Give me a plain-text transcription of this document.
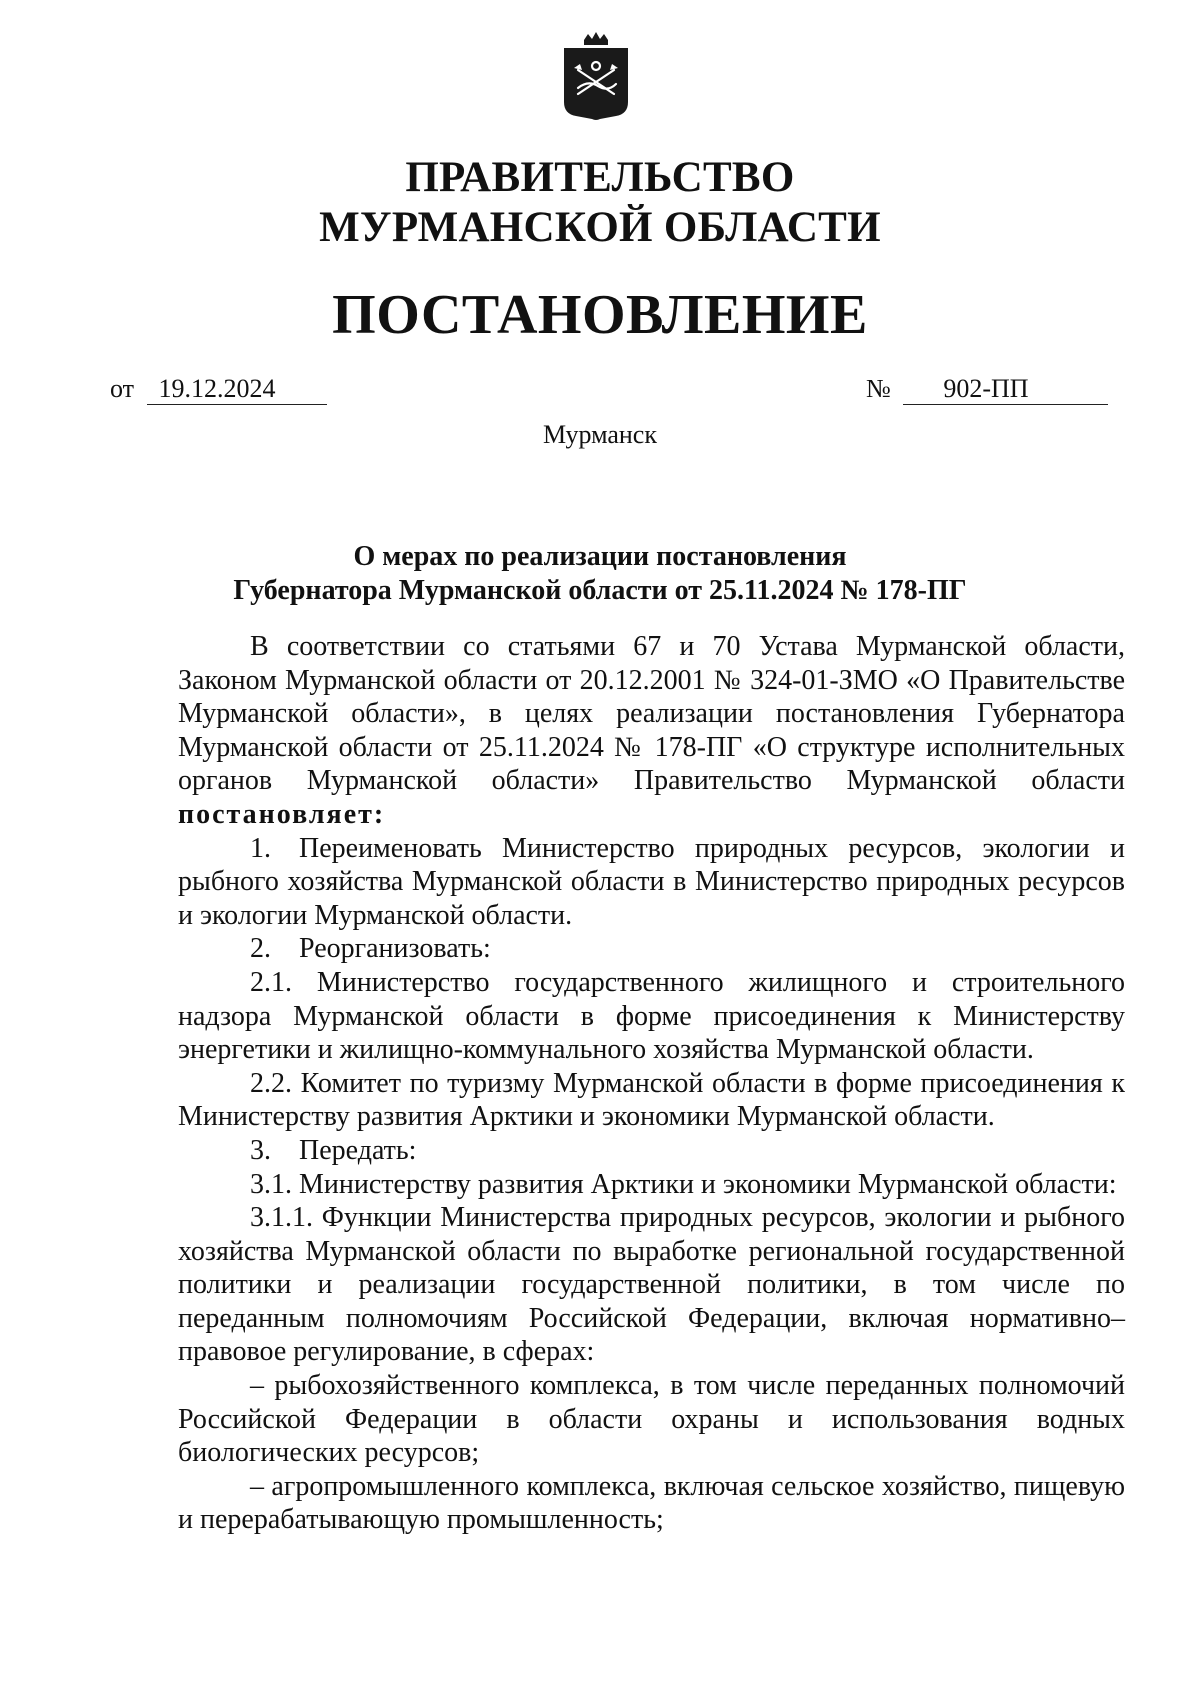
ПРАВИТЕЛЬСТВО
МУРМАНСКОЙ ОБЛАСТИ
ПОСТАНОВЛЕНИЕ
от 19.12.2024	№ 902-ПП
Мурманск
О мерах по реализации постановления
Губернатора Мурманской области от 25.11.2024 № 178-ПГ

В соответствии со статьями 67 и 70 Устава Мурманской области, Законом Мурманской области от 20.12.2001 № 324-01-ЗМО «О Правительстве Мурманской области», в целях реализации постановления Губернатора Мурманской области от 25.11.2024 № 178-ПГ «О структуре исполнительных органов Мурманской области» Правительство Мурманской области постановляет:

1. Переименовать Министерство природных ресурсов, экологии и рыбного хозяйства Мурманской области в Министерство природных ресурсов и экологии Мурманской области.

2. Реорганизовать:

2.1. Министерство государственного жилищного и строительного надзора Мурманской области в форме присоединения к Министерству энергетики и жилищно-коммунального хозяйства Мурманской области.

2.2. Комитет по туризму Мурманской области в форме присоединения к Министерству развития Арктики и экономики Мурманской области.

3. Передать:

3.1. Министерству развития Арктики и экономики Мурманской области:

3.1.1. Функции Министерства природных ресурсов, экологии и рыбного хозяйства Мурманской области по выработке региональной государственной политики и реализации государственной политики, в том числе по переданным полномочиям Российской Федерации, включая нормативно–правовое регулирование, в сферах:

– рыбохозяйственного комплекса, в том числе переданных полномочий Российской Федерации в области охраны и использования водных биологических ресурсов;

– агропромышленного комплекса, включая сельское хозяйство, пищевую и перерабатывающую промышленность;
